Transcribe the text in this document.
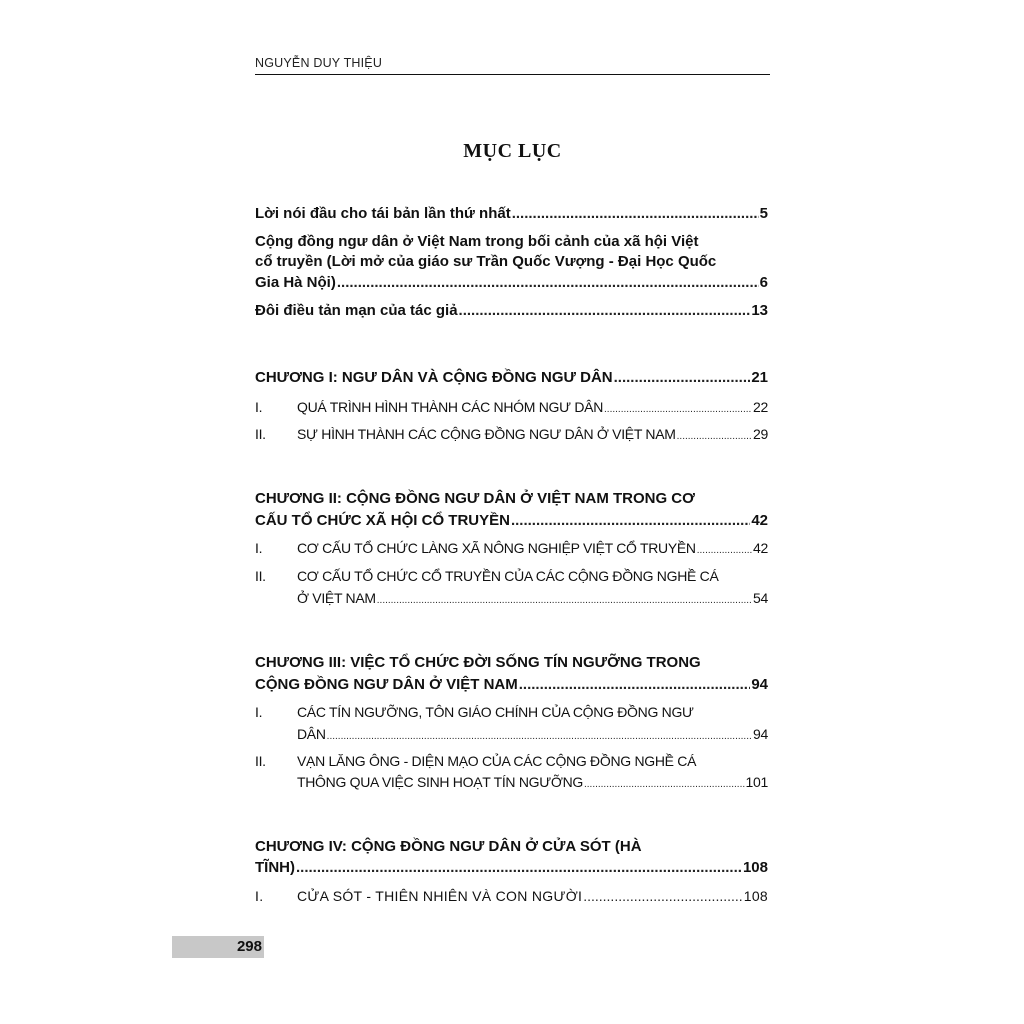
NGUYỄN DUY THIỆU
MỤC LỤC
Lời nói đầu cho tái bản lần thứ nhất .....	5
Cộng đồng ngư dân ở Việt Nam trong bối cảnh của xã hội Việt
cổ truyền (Lời mở của giáo sư Trần Quốc Vượng - Đại Học Quốc
Gia Hà Nội) .....	6
Đôi điều tản mạn của tác giả .....	13
CHƯƠNG I: NGƯ DÂN VÀ CỘNG ĐỒNG NGƯ DÂN .....	21
I.	QUÁ TRÌNH HÌNH THÀNH CÁC NHÓM NGƯ DÂN .....	22
II.	SỰ HÌNH THÀNH CÁC CỘNG ĐỒNG NGƯ DÂN Ở VIỆT NAM .....	29
CHƯƠNG II: CỘNG ĐỒNG NGƯ DÂN Ở VIỆT NAM TRONG CƠ
CẤU TỔ CHỨC XÃ HỘI CỔ TRUYỀN .....	42
I.	CƠ CẤU TỔ CHỨC LÀNG XÃ NÔNG NGHIỆP VIỆT CỔ TRUYỀN .....	42
II.	CƠ CẤU TỔ CHỨC CỔ TRUYỀN CỦA CÁC CỘNG ĐỒNG NGHỀ CÁ
Ở VIỆT NAM .....	54
CHƯƠNG III: VIỆC TỔ CHỨC ĐỜI SỐNG TÍN NGƯỠNG TRONG
CỘNG ĐỒNG NGƯ DÂN Ở VIỆT NAM .....	94
I.	CÁC TÍN NGƯỠNG, TÔN GIÁO CHÍNH CỦA CỘNG ĐỒNG NGƯ
DÂN .....	94
II.	VẠN LĂNG ÔNG - DIỆN MẠO CỦA CÁC CỘNG ĐỒNG NGHỀ CÁ
THÔNG QUA VIỆC SINH HOẠT TÍN NGƯỠNG .....	101
CHƯƠNG IV: CỘNG ĐỒNG NGƯ DÂN Ở CỬA SÓT (HÀ
TĨNH) .....	108
I.	CỬA SÓT - THIÊN NHIÊN VÀ CON NGƯỜI .....	108
298
